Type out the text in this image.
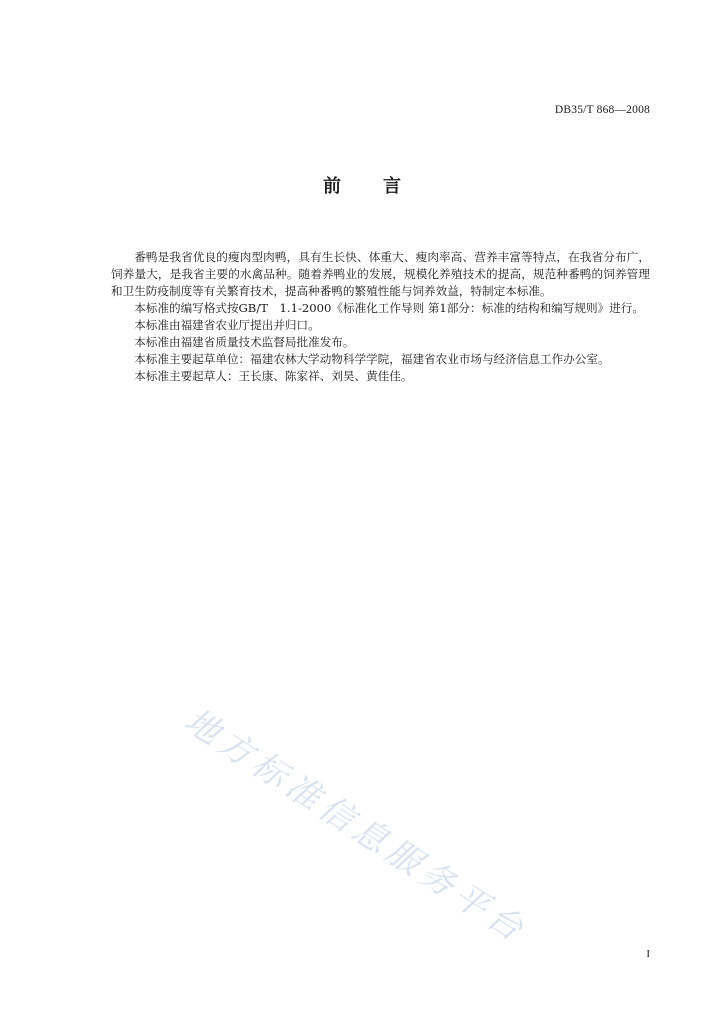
DB35/T 868—2008
前言

番鸭是我省优良的瘦肉型肉鸭，具有生长快、体重大、瘦肉率高、营养丰富等特点，在我省分布广，饲养量大，是我省主要的水禽品种。随着养鸭业的发展，规模化养殖技术的提高，规范种番鸭的饲养管理和卫生防疫制度等有关繁育技术，提高种番鸭的繁殖性能与饲养效益，特制定本标准。

本标准的编写格式按GB/T　1.1-2000《标准化工作导则 第1部分：标准的结构和编写规则》进行。

本标准由福建省农业厅提出并归口。

本标准由福建省质量技术监督局批准发布。

本标准主要起草单位：福建农林大学动物科学学院，福建省农业市场与经济信息工作办公室。

本标准主要起草人：王长康、陈家祥、刘昊、黄佳佳。

地方标准信息服务平台
I
